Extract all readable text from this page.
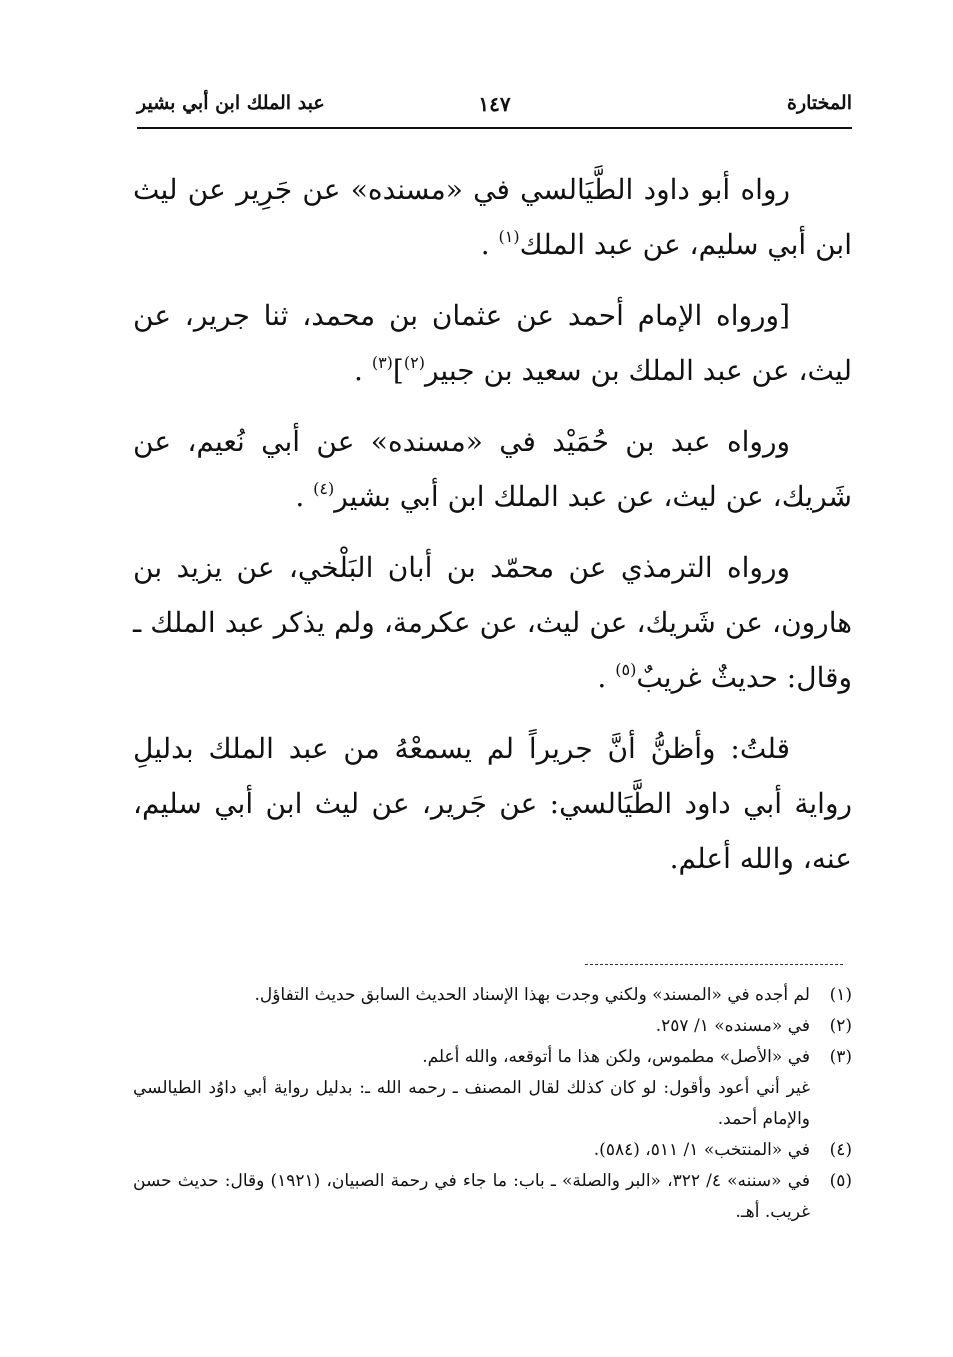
المختارة
١٤٧
عبد الملك ابن أبي بشير

رواه أبو داود الطَّيَالسي في «مسنده» عن جَرِير عن ليث ابن أبي سليم، عن عبد الملك$^{(١)}$ .

[ورواه الإمام أحمد عن عثمان بن محمد، ثنا جرير، عن ليث، عن عبد الملك بن سعيد بن جبير$^{(٢)}$]$^{(٣)}$ .

ورواه عبد بن حُمَيْد في «مسنده» عن أبي نُعيم، عن شَريك، عن ليث، عن عبد الملك ابن أبي بشير$^{(٤)}$ .

ورواه الترمذي عن محمّد بن أبان البَلْخي، عن يزيد بن هارون، عن شَريك، عن ليث، عن عكرمة، ولم يذكر عبد الملك ـ وقال: حديثٌ غريبٌ$^{(٥)}$ .

قلتُ: وأظنُّ أنَّ جريراً لم يسمعْهُ من عبد الملك بدليلِ رواية أبي داود الطَّيَالسي: عن جَرير، عن ليث ابن أبي سليم، عنه، والله أعلم.

(١)
لم أجده في «المسند» ولكني وجدت بهذا الإسناد الحديث السابق حديث التفاؤل.
(٢)
في «مسنده» ١/ ٢٥٧.
(٣)
في «الأصل» مطموس، ولكن هذا ما أتوقعه، والله أعلم.
غير أني أعود وأقول: لو كان كذلك لقال المصنف ـ رحمه الله ـ: بدليل رواية أبي داوُد الطيالسي والإمام أحمد.
(٤)
في «المنتخب» ١/ ٥١١، (٥٨٤).
(٥)
في «سننه» ٤/ ٣٢٢، «البر والصلة» ـ باب: ما جاء في رحمة الصبيان، (١٩٢١) وقال: حديث حسن غريب. أهـ.
